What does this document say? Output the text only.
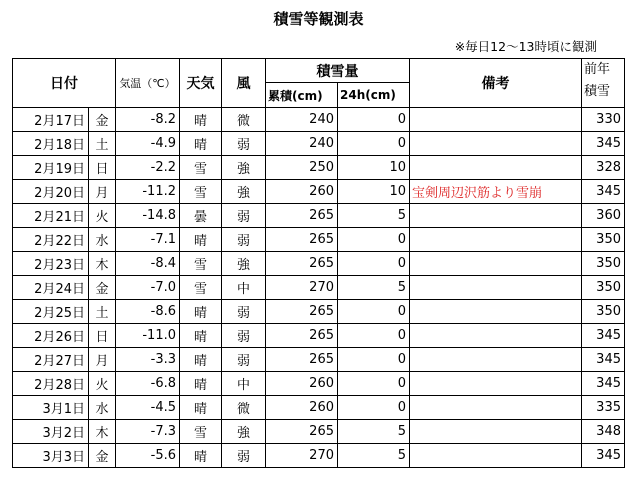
積雪等観測表
※毎日12～13時頃に観測
日付		気温（℃）	天気	風	積雪量		備考	前年
積雪
					累積(cm)	24h(cm)		
2月17日	金	-8.2	晴	微	240	0		330
2月18日	土	-4.9	晴	弱	240	0		345
2月19日	日	-2.2	雪	強	250	10		328
2月20日	月	-11.2	雪	強	260	10	宝剣周辺沢筋より雪崩	345
2月21日	火	-14.8	曇	弱	265	5		360
2月22日	水	-7.1	晴	弱	265	0		350
2月23日	木	-8.4	雪	強	265	0		350
2月24日	金	-7.0	雪	中	270	5		350
2月25日	土	-8.6	晴	弱	265	0		350
2月26日	日	-11.0	晴	弱	265	0		345
2月27日	月	-3.3	晴	弱	265	0		345
2月28日	火	-6.8	晴	中	260	0		345
3月1日	水	-4.5	晴	微	260	0		335
3月2日	木	-7.3	雪	強	265	5		348
3月3日	金	-5.6	晴	弱	270	5		345
